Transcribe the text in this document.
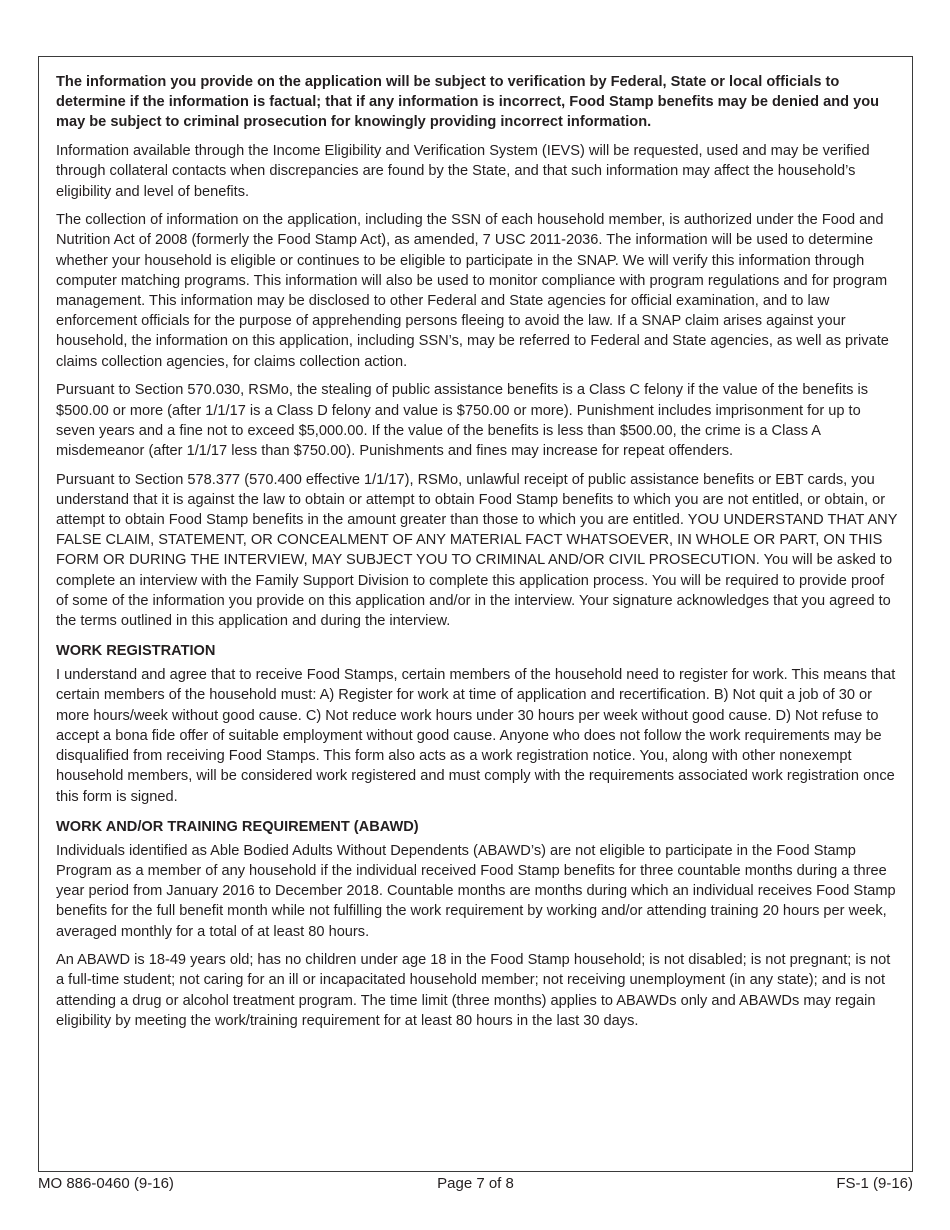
The information you provide on the application will be subject to verification by Federal, State or local officials to determine if the information is factual; that if any information is incorrect, Food Stamp benefits may be denied and you may be subject to criminal prosecution for knowingly providing incorrect information.

Information available through the Income Eligibility and Verification System (IEVS) will be requested, used and may be verified through collateral contacts when discrepancies are found by the State, and that such information may affect the household’s eligibility and level of benefits.

The collection of information on the application, including the SSN of each household member, is authorized under the Food and Nutrition Act of 2008 (formerly the Food Stamp Act), as amended, 7 USC 2011-2036. The information will be used to determine whether your household is eligible or continues to be eligible to participate in the SNAP. We will verify this information through computer matching programs. This information will also be used to monitor compliance with program regulations and for program management. This information may be disclosed to other Federal and State agencies for official examination, and to law enforcement officials for the purpose of apprehending persons fleeing to avoid the law. If a SNAP claim arises against your household, the information on this application, including SSN’s, may be referred to Federal and State agencies, as well as private claims collection agencies, for claims collection action.

Pursuant to Section 570.030, RSMo, the stealing of public assistance benefits is a Class C felony if the value of the benefits is $500.00 or more (after 1/1/17 is a Class D felony and value is $750.00 or more). Punishment includes imprisonment for up to seven years and a fine not to exceed $5,000.00. If the value of the benefits is less than $500.00, the crime is a Class A misdemeanor (after 1/1/17 less than $750.00). Punishments and fines may increase for repeat offenders.

Pursuant to Section 578.377 (570.400 effective 1/1/17), RSMo, unlawful receipt of public assistance benefits or EBT cards, you understand that it is against the law to obtain or attempt to obtain Food Stamp benefits to which you are not entitled, or obtain, or attempt to obtain Food Stamp benefits in the amount greater than those to which you are entitled. YOU UNDERSTAND THAT ANY FALSE CLAIM, STATEMENT, OR CONCEALMENT OF ANY MATERIAL FACT WHATSOEVER, IN WHOLE OR PART, ON THIS FORM OR DURING THE INTERVIEW, MAY SUBJECT YOU TO CRIMINAL AND/OR CIVIL PROSECUTION. You will be asked to complete an interview with the Family Support Division to complete this application process. You will be required to provide proof of some of the information you provide on this application and/or in the interview. Your signature acknowledges that you agreed to the terms outlined in this application and during the interview.

WORK REGISTRATION

I understand and agree that to receive Food Stamps, certain members of the household need to register for work. This means that certain members of the household must: A) Register for work at time of application and recertification. B) Not quit a job of 30 or more hours/week without good cause. C) Not reduce work hours under 30 hours per week without good cause. D) Not refuse to accept a bona fide offer of suitable employment without good cause. Anyone who does not follow the work requirements may be disqualified from receiving Food Stamps. This form also acts as a work registration notice. You, along with other nonexempt household members, will be considered work registered and must comply with the requirements associated work registration once this form is signed.

WORK AND/OR TRAINING REQUIREMENT (ABAWD)

Individuals identified as Able Bodied Adults Without Dependents (ABAWD’s) are not eligible to participate in the Food Stamp Program as a member of any household if the individual received Food Stamp benefits for three countable months during a three year period from January 2016 to December 2018. Countable months are months during which an individual receives Food Stamp benefits for the full benefit month while not fulfilling the work requirement by working and/or attending training 20 hours per week, averaged monthly for a total of at least 80 hours.

An ABAWD is 18-49 years old; has no children under age 18 in the Food Stamp household; is not disabled; is not pregnant; is not a full-time student; not caring for an ill or incapacitated household member; not receiving unemployment (in any state); and is not attending a drug or alcohol treatment program. The time limit (three months) applies to ABAWDs only and ABAWDs may regain eligibility by meeting the work/training requirement for at least 80 hours in the last 30 days.

MO 886-0460 (9-16)	Page 7 of 8	FS-1 (9-16)
